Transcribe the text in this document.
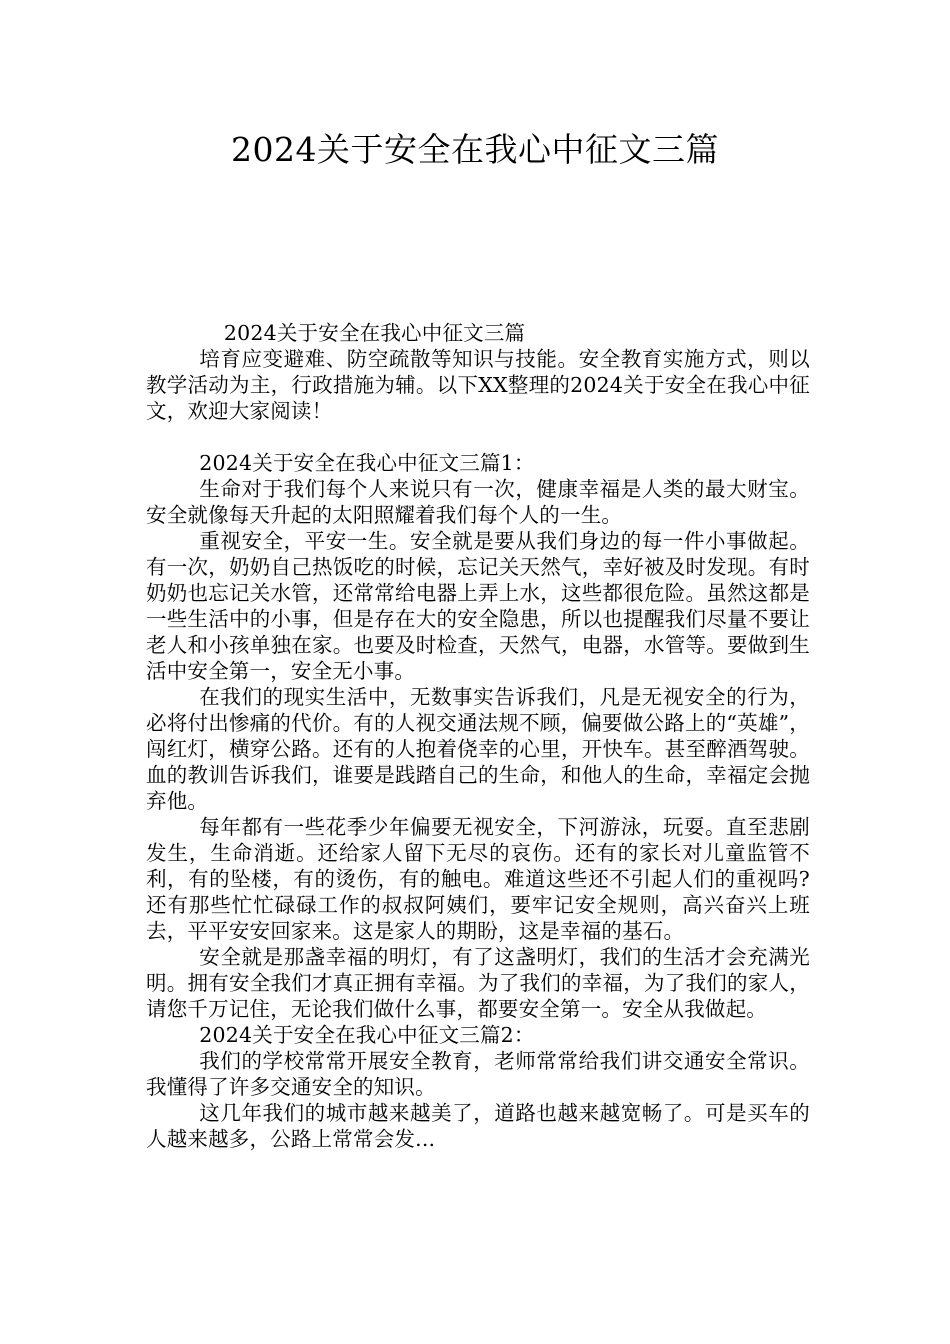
2024关于安全在我心中征文三篇

2024关于安全在我心中征文三篇

培育应变避难、防空疏散等知识与技能。安全教育实施方式，则以教学活动为主，行政措施为辅。以下XX整理的2024关于安全在我心中征文，欢迎大家阅读！

2024关于安全在我心中征文三篇1：

生命对于我们每个人来说只有一次，健康幸福是人类的最大财宝。安全就像每天升起的太阳照耀着我们每个人的一生。

重视安全，平安一生。安全就是要从我们身边的每一件小事做起。有一次，奶奶自己热饭吃的时候，忘记关天然气，幸好被及时发现。有时奶奶也忘记关水管，还常常给电器上弄上水，这些都很危险。虽然这都是一些生活中的小事，但是存在大的安全隐患，所以也提醒我们尽量不要让老人和小孩单独在家。也要及时检查，天然气，电器，水管等。要做到生活中安全第一，安全无小事。

在我们的现实生活中，无数事实告诉我们，凡是无视安全的行为，必将付出惨痛的代价。有的人视交通法规不顾，偏要做公路上的“英雄”，闯红灯，横穿公路。还有的人抱着侥幸的心里，开快车。甚至醉酒驾驶。血的教训告诉我们，谁要是践踏自己的生命，和他人的生命，幸福定会抛弃他。

每年都有一些花季少年偏要无视安全，下河游泳，玩耍。直至悲剧发生，生命消逝。还给家人留下无尽的哀伤。还有的家长对儿童监管不利，有的坠楼，有的烫伤，有的触电。难道这些还不引起人们的重视吗?还有那些忙忙碌碌工作的叔叔阿姨们，要牢记安全规则，高兴奋兴上班去，平平安安回家来。这是家人的期盼，这是幸福的基石。

安全就是那盏幸福的明灯，有了这盏明灯，我们的生活才会充满光明。拥有安全我们才真正拥有幸福。为了我们的幸福，为了我们的家人，请您千万记住，无论我们做什么事，都要安全第一。安全从我做起。

2024关于安全在我心中征文三篇2：

我们的学校常常开展安全教育，老师常常给我们讲交通安全常识。我懂得了许多交通安全的知识。

这几年我们的城市越来越美了，道路也越来越宽畅了。可是买车的人越来越多，公路上常常会发...
